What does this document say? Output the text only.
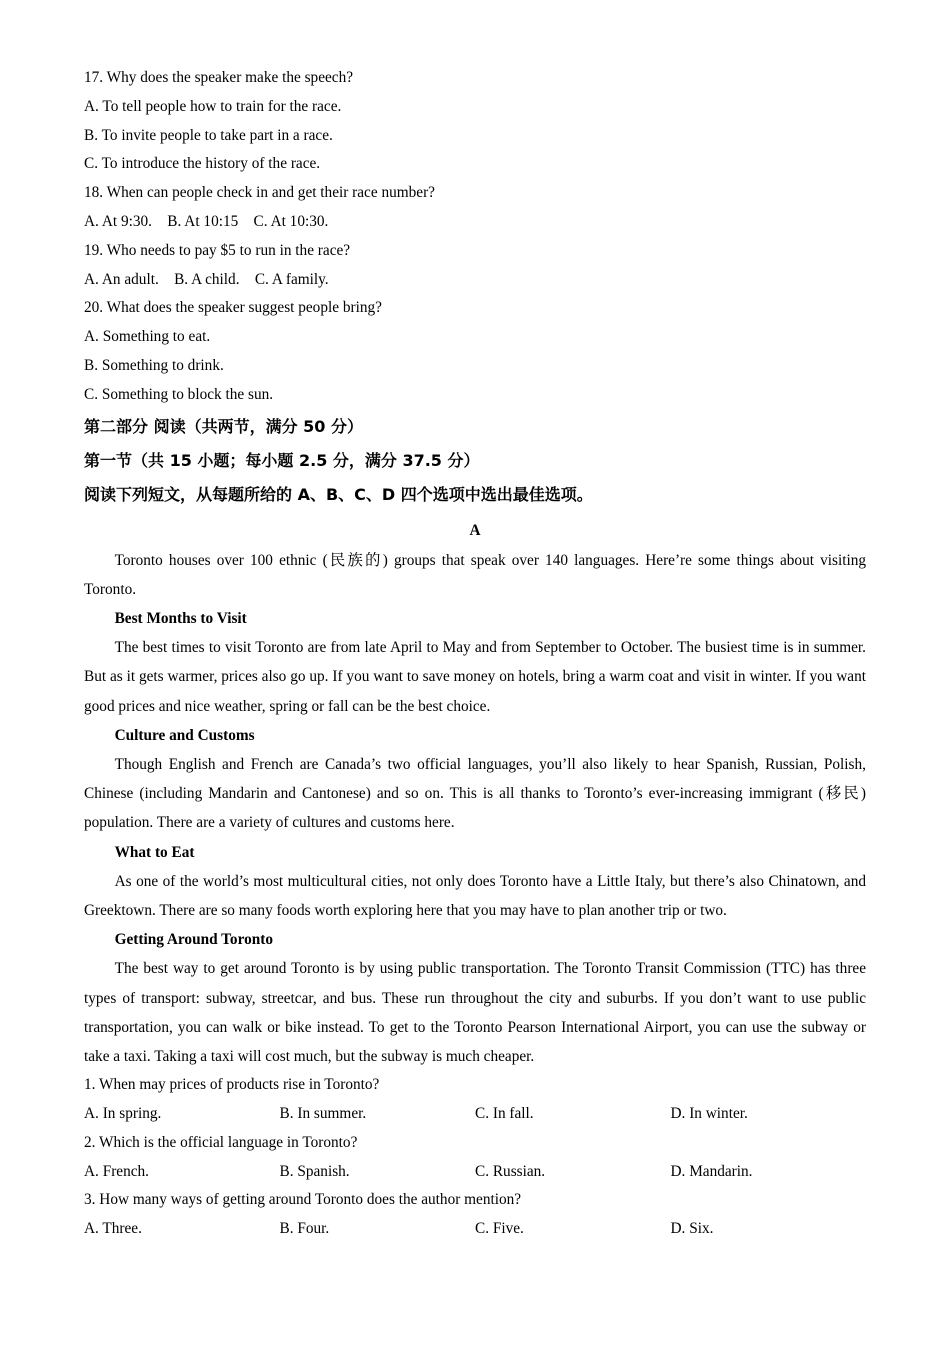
17. Why does the speaker make the speech?
A. To tell people how to train for the race.
B. To invite people to take part in a race.
C. To introduce the history of the race.
18. When can people check in and get their race number?
A. At 9:30. B. At 10:15 C. At 10:30.
19. Who needs to pay $5 to run in the race?
A. An adult. B. A child. C. A family.
20. What does the speaker suggest people bring?
A. Something to eat.
B. Something to drink.
C. Something to block the sun.
第二部分 阅读（共两节，满分 50 分）
第一节（共 15 小题；每小题 2.5 分，满分 37.5 分）
阅读下列短文，从每题所给的 A、B、C、D 四个选项中选出最佳选项。
A

Toronto houses over 100 ethnic (民族的) groups that speak over 140 languages. Here’re some things about visiting Toronto.

Best Months to Visit

The best times to visit Toronto are from late April to May and from September to October. The busiest time is in summer. But as it gets warmer, prices also go up. If you want to save money on hotels, bring a warm coat and visit in winter. If you want good prices and nice weather, spring or fall can be the best choice.

Culture and Customs

Though English and French are Canada’s two official languages, you’ll also likely to hear Spanish, Russian, Polish, Chinese (including Mandarin and Cantonese) and so on. This is all thanks to Toronto’s ever-increasing immigrant (移民) population. There are a variety of cultures and customs here.

What to Eat

As one of the world’s most multicultural cities, not only does Toronto have a Little Italy, but there’s also Chinatown, and Greektown. There are so many foods worth exploring here that you may have to plan another trip or two.

Getting Around Toronto

The best way to get around Toronto is by using public transportation. The Toronto Transit Commission (TTC) has three types of transport: subway, streetcar, and bus. These run throughout the city and suburbs. If you don’t want to use public transportation, you can walk or bike instead. To get to the Toronto Pearson International Airport, you can use the subway or take a taxi. Taking a taxi will cost much, but the subway is much cheaper.

1. When may prices of products rise in Toronto?
A. In spring.	B. In summer.	C. In fall.	D. In winter.
2. Which is the official language in Toronto?
A. French.	B. Spanish.	C. Russian.	D. Mandarin.
3. How many ways of getting around Toronto does the author mention?
A. Three.	B. Four.	C. Five.	D. Six.
